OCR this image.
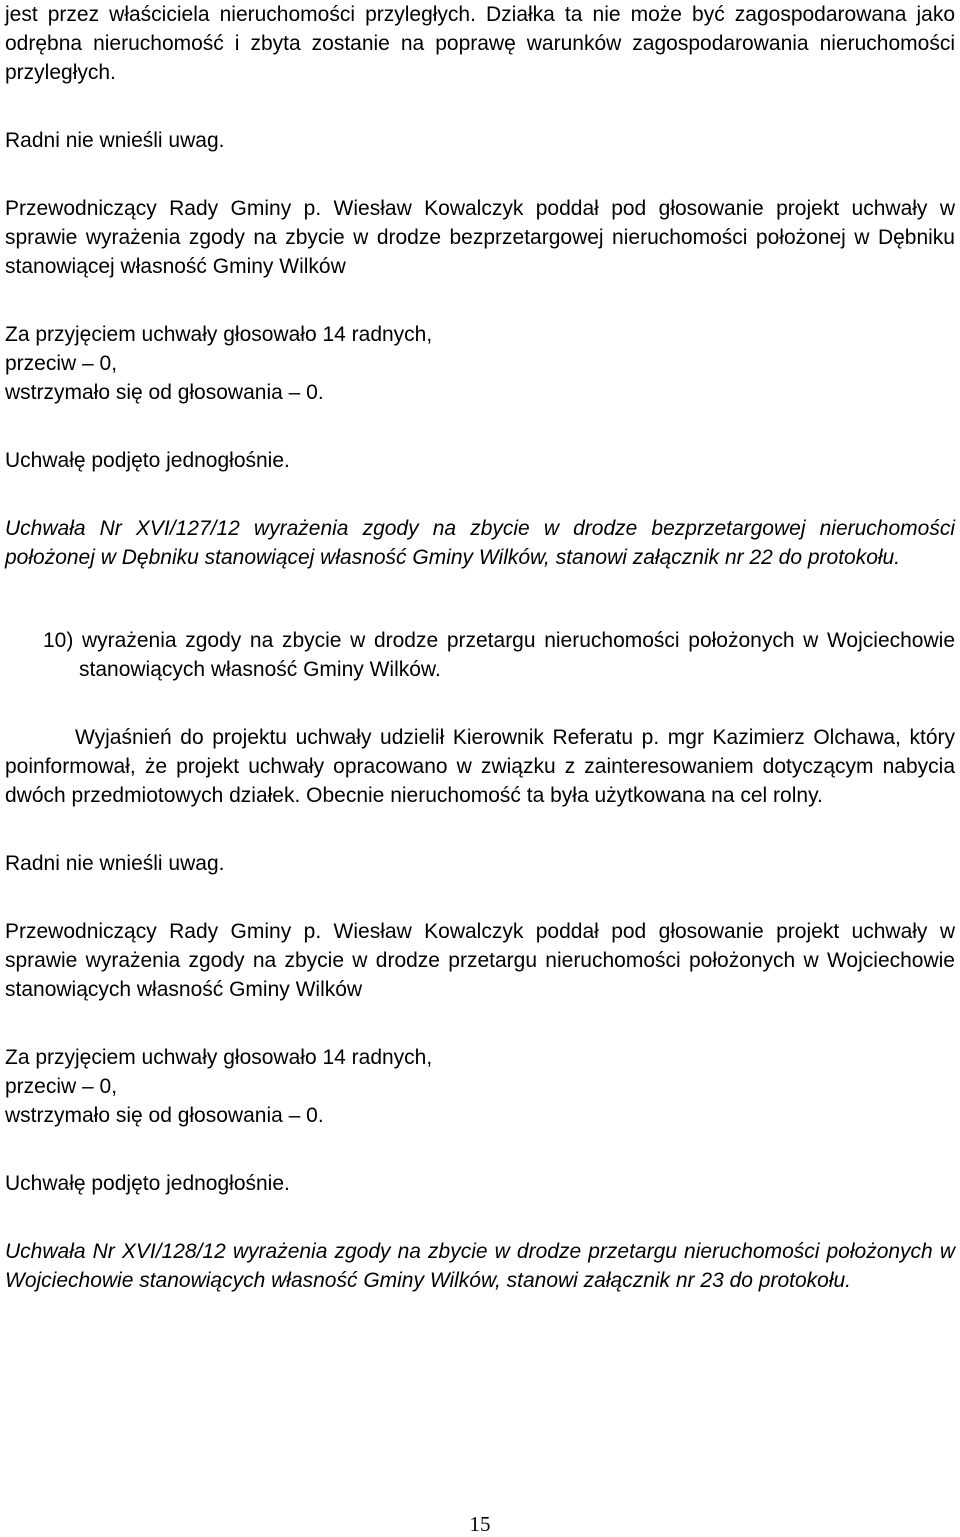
jest przez właściciela nieruchomości przyległych. Działka ta nie może być zagospodarowana jako odrębna nieruchomość i zbyta zostanie na poprawę warunków zagospodarowania nieruchomości przyległych.

Radni nie wnieśli uwag.

Przewodniczący Rady Gminy p. Wiesław Kowalczyk poddał pod głosowanie projekt uchwały w sprawie wyrażenia zgody na zbycie w drodze bezprzetargowej nieruchomości położonej w Dębniku stanowiącej własność Gminy Wilków

Za przyjęciem uchwały głosowało 14 radnych,

przeciw – 0,

wstrzymało się od głosowania – 0.

Uchwałę podjęto jednogłośnie.

Uchwała Nr XVI/127/12 wyrażenia zgody na zbycie w drodze bezprzetargowej nieruchomości położonej w Dębniku stanowiącej własność Gminy Wilków, stanowi załącznik nr 22 do protokołu.

10) wyrażenia zgody na zbycie w drodze przetargu nieruchomości położonych w Wojciechowie stanowiących własność Gminy Wilków.

Wyjaśnień do projektu uchwały udzielił Kierownik Referatu p. mgr Kazimierz Olchawa, który poinformował, że projekt uchwały opracowano w związku z zainteresowaniem dotyczącym nabycia dwóch przedmiotowych działek. Obecnie nieruchomość ta była użytkowana na cel rolny.

Radni nie wnieśli uwag.

Przewodniczący Rady Gminy p. Wiesław Kowalczyk poddał pod głosowanie projekt uchwały w sprawie wyrażenia zgody na zbycie w drodze przetargu nieruchomości położonych w Wojciechowie stanowiących własność Gminy Wilków

Za przyjęciem uchwały głosowało 14 radnych,

przeciw – 0,

wstrzymało się od głosowania – 0.

Uchwałę podjęto jednogłośnie.

Uchwała Nr XVI/128/12 wyrażenia zgody na zbycie w drodze przetargu nieruchomości położonych w Wojciechowie stanowiących własność Gminy Wilków, stanowi załącznik nr 23 do protokołu.

15
